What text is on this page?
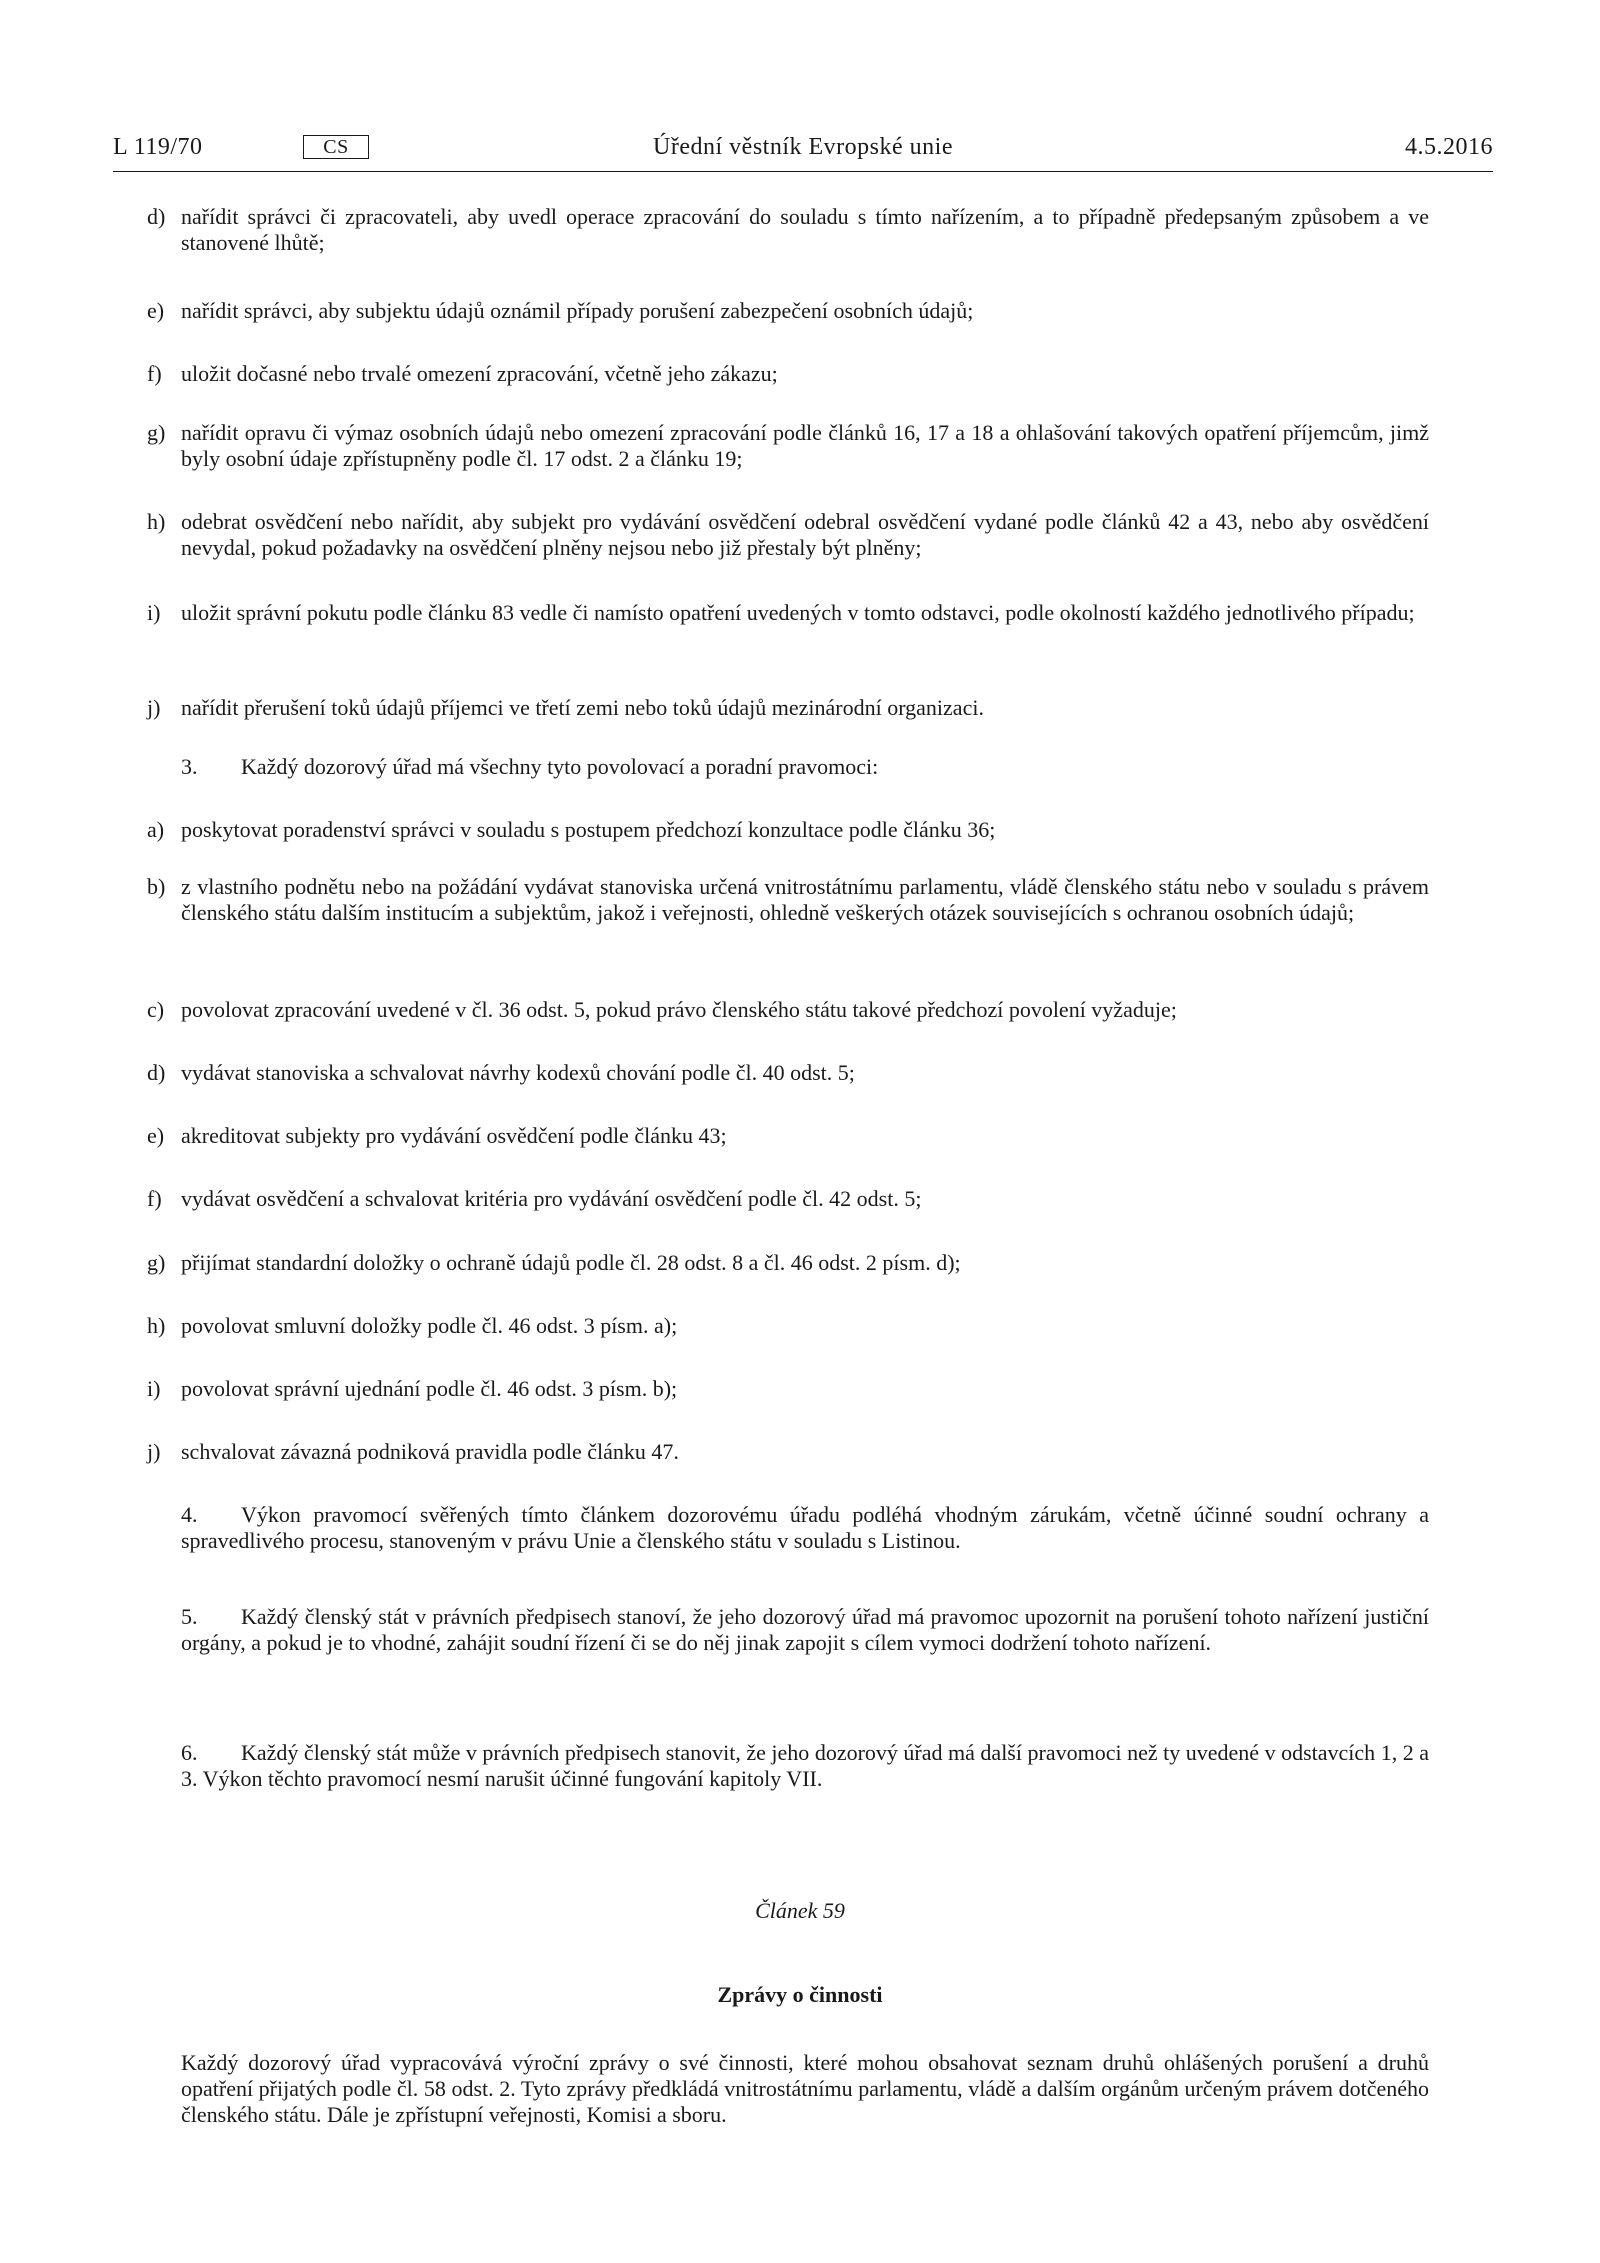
L 119/70	CS	Úřední věstník Evropské unie	4.5.2016
d) nařídit správci či zpracovateli, aby uvedl operace zpracování do souladu s tímto nařízením, a to případně předepsaným způsobem a ve stanovené lhůtě;
e) nařídit správci, aby subjektu údajů oznámil případy porušení zabezpečení osobních údajů;
f) uložit dočasné nebo trvalé omezení zpracování, včetně jeho zákazu;
g) nařídit opravu či výmaz osobních údajů nebo omezení zpracování podle článků 16, 17 a 18 a ohlašování takových opatření příjemcům, jimž byly osobní údaje zpřístupněny podle čl. 17 odst. 2 a článku 19;
h) odebrat osvědčení nebo nařídit, aby subjekt pro vydávání osvědčení odebral osvědčení vydané podle článků 42 a 43, nebo aby osvědčení nevydal, pokud požadavky na osvědčení plněny nejsou nebo již přestaly být plněny;
i) uložit správní pokutu podle článku 83 vedle či namísto opatření uvedených v tomto odstavci, podle okolností každého jednotlivého případu;
j) nařídit přerušení toků údajů příjemci ve třetí zemi nebo toků údajů mezinárodní organizaci.
3. Každý dozorový úřad má všechny tyto povolovací a poradní pravomoci:
a) poskytovat poradenství správci v souladu s postupem předchozí konzultace podle článku 36;
b) z vlastního podnětu nebo na požádání vydávat stanoviska určená vnitrostátnímu parlamentu, vládě členského státu nebo v souladu s právem členského státu dalším institucím a subjektům, jakož i veřejnosti, ohledně veškerých otázek souvisejících s ochranou osobních údajů;
c) povolovat zpracování uvedené v čl. 36 odst. 5, pokud právo členského státu takové předchozí povolení vyžaduje;
d) vydávat stanoviska a schvalovat návrhy kodexů chování podle čl. 40 odst. 5;
e) akreditovat subjekty pro vydávání osvědčení podle článku 43;
f) vydávat osvědčení a schvalovat kritéria pro vydávání osvědčení podle čl. 42 odst. 5;
g) přijímat standardní doložky o ochraně údajů podle čl. 28 odst. 8 a čl. 46 odst. 2 písm. d);
h) povolovat smluvní doložky podle čl. 46 odst. 3 písm. a);
i) povolovat správní ujednání podle čl. 46 odst. 3 písm. b);
j) schvalovat závazná podniková pravidla podle článku 47.
4. Výkon pravomocí svěřených tímto článkem dozorovému úřadu podléhá vhodným zárukám, včetně účinné soudní ochrany a spravedlivého procesu, stanoveným v právu Unie a členského státu v souladu s Listinou.
5. Každý členský stát v právních předpisech stanoví, že jeho dozorový úřad má pravomoc upozornit na porušení tohoto nařízení justiční orgány, a pokud je to vhodné, zahájit soudní řízení či se do něj jinak zapojit s cílem vymoci dodržení tohoto nařízení.
6. Každý členský stát může v právních předpisech stanovit, že jeho dozorový úřad má další pravomoci než ty uvedené v odstavcích 1, 2 a 3. Výkon těchto pravomocí nesmí narušit účinné fungování kapitoly VII.
Článek 59
Zprávy o činnosti
Každý dozorový úřad vypracovává výroční zprávy o své činnosti, které mohou obsahovat seznam druhů ohlášených porušení a druhů opatření přijatých podle čl. 58 odst. 2. Tyto zprávy předkládá vnitrostátnímu parlamentu, vládě a dalším orgánům určeným právem dotčeného členského státu. Dále je zpřístupní veřejnosti, Komisi a sboru.
